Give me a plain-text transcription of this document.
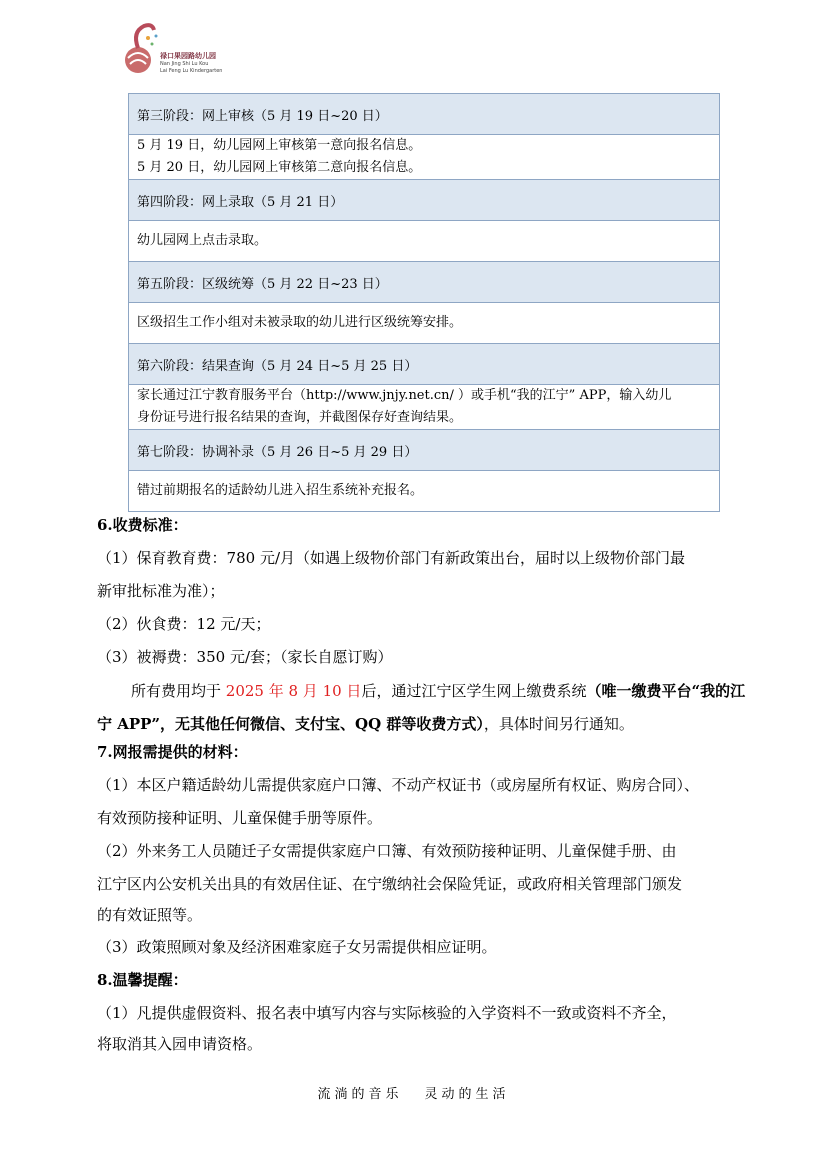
禄口果园路幼儿园
Nan Jing Shi Lu Kou
Lai Feng Lu Kindergarten
第三阶段：网上审核（5 月 19 日~20 日）

5 月 19 日，幼儿园网上审核第一意向报名信息。
5 月 20 日，幼儿园网上审核第二意向报名信息。

第四阶段：网上录取（5 月 21 日）

幼儿园网上点击录取。

第五阶段：区级统筹（5 月 22 日~23 日）

区级招生工作小组对未被录取的幼儿进行区级统筹安排。

第六阶段：结果查询（5 月 24 日~5 月 25 日）

家长通过江宁教育服务平台（http://www.jnjy.net.cn/ ）或手机“我的江宁” APP，输入幼儿
身份证号进行报名结果的查询，并截图保存好查询结果。

第七阶段：协调补录（5 月 26 日~5 月 29 日）

错过前期报名的适龄幼儿进入招生系统补充报名。
6.收费标准：
（1）保育教育费：780 元/月（如遇上级物价部门有新政策出台，届时以上级物价部门最
新审批标准为准）；
（2）伙食费：12 元/天；
（3）被褥费：350 元/套；（家长自愿订购）
所有费用均于 2025 年 8 月 10 日后，通过江宁区学生网上缴费系统（唯一缴费平台“我的江宁 APP”，无其他任何微信、支付宝、QQ 群等收费方式），具体时间另行通知。
7.网报需提供的材料：
（1）本区户籍适龄幼儿需提供家庭户口簿、不动产权证书（或房屋所有权证、购房合同）、
有效预防接种证明、儿童保健手册等原件。
（2）外来务工人员随迁子女需提供家庭户口簿、有效预防接种证明、儿童保健手册、由
江宁区内公安机关出具的有效居住证、在宁缴纳社会保险凭证，或政府相关管理部门颁发
的有效证照等。
（3）政策照顾对象及经济困难家庭子女另需提供相应证明。
8.温馨提醒：
（1）凡提供虚假资料、报名表中填写内容与实际核验的入学资料不一致或资料不齐全，
将取消其入园申请资格。
流淌的音乐 灵动的生活
